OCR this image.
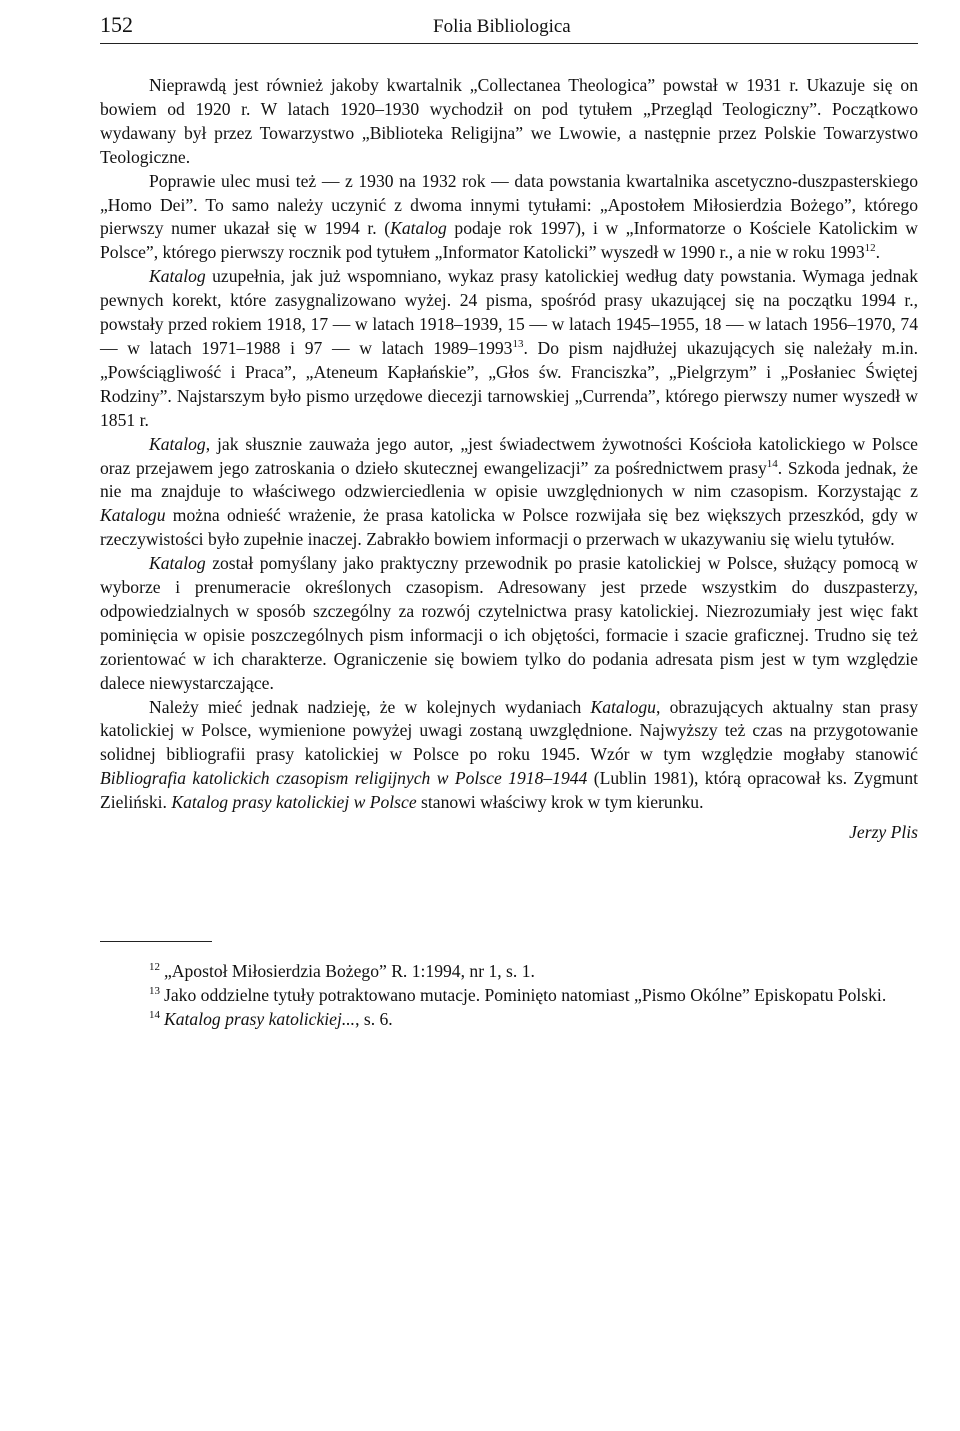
152	Folia Bibliologica

Nieprawdą jest również jakoby kwartalnik „Collectanea Theologica” powstał w 1931 r. Ukazuje się on bowiem od 1920 r. W latach 1920–1930 wychodził on pod tytułem „Przegląd Teologiczny”. Początkowo wydawany był przez Towarzystwo „Biblioteka Religijna” we Lwowie, a następnie przez Polskie Towarzystwo Teologiczne.

Poprawie ulec musi też — z 1930 na 1932 rok — data powstania kwartalnika ascetyczno-duszpasterskiego „Homo Dei”. To samo należy uczynić z dwoma innymi tytułami: „Apostołem Miłosierdzia Bożego”, którego pierwszy numer ukazał się w 1994 r. (Katalog podaje rok 1997), i w „Informatorze o Kościele Katolickim w Polsce”, którego pierwszy rocznik pod tytułem „Informator Katolicki” wyszedł w 1990 r., a nie w roku 1993$^{12}$.

Katalog uzupełnia, jak już wspomniano, wykaz prasy katolickiej według daty powstania. Wymaga jednak pewnych korekt, które zasygnalizowano wyżej. 24 pisma, spośród prasy ukazującej się na początku 1994 r., powstały przed rokiem 1918, 17 — w latach 1918–1939, 15 — w latach 1945–1955, 18 — w latach 1956–1970, 74 — w latach 1971–1988 i 97 — w latach 1989–1993$^{13}$. Do pism najdłużej ukazujących się należały m.in. „Powściągliwość i Praca”, „Ateneum Kapłańskie”, „Głos św. Franciszka”, „Pielgrzym” i „Posłaniec Świętej Rodziny”. Najstarszym było pismo urzędowe diecezji tarnowskiej „Currenda”, którego pierwszy numer wyszedł w 1851 r.

Katalog, jak słusznie zauważa jego autor, „jest świadectwem żywotności Kościoła katolickiego w Polsce oraz przejawem jego zatroskania o dzieło skutecznej ewangelizacji” za pośrednictwem prasy$^{14}$. Szkoda jednak, że nie ma znajduje to właściwego odzwierciedlenia w opisie uwzględnionych w nim czasopism. Korzystając z Katalogu można odnieść wrażenie, że prasa katolicka w Polsce rozwijała się bez większych przeszkód, gdy w rzeczywistości było zupełnie inaczej. Zabrakło bowiem informacji o przerwach w ukazywaniu się wielu tytułów.

Katalog został pomyślany jako praktyczny przewodnik po prasie katolickiej w Polsce, służący pomocą w wyborze i prenumeracie określonych czasopism. Adresowany jest przede wszystkim do duszpasterzy, odpowiedzialnych w sposób szczególny za rozwój czytelnictwa prasy katolickiej. Niezrozumiały jest więc fakt pominięcia w opisie poszczególnych pism informacji o ich objętości, formacie i szacie graficznej. Trudno się też zorientować w ich charakterze. Ograniczenie się bowiem tylko do podania adresata pism jest w tym względzie dalece niewystarczające.

Należy mieć jednak nadzieję, że w kolejnych wydaniach Katalogu, obrazujących aktualny stan prasy katolickiej w Polsce, wymienione powyżej uwagi zostaną uwzględnione. Najwyższy też czas na przygotowanie solidnej bibliografii prasy katolickiej w Polsce po roku 1945. Wzór w tym względzie mogłaby stanowić Bibliografia katolickich czasopism religijnych w Polsce 1918–1944 (Lublin 1981), którą opracował ks. Zygmunt Zieliński. Katalog prasy katolickiej w Polsce stanowi właściwy krok w tym kierunku.

Jerzy Plis

$^{12}$ „Apostoł Miłosierdzia Bożego” R. 1:1994, nr 1, s. 1.

$^{13}$ Jako oddzielne tytuły potraktowano mutacje. Pominięto natomiast „Pismo Okólne” Episkopatu Polski.

$^{14}$ Katalog prasy katolickiej..., s. 6.
